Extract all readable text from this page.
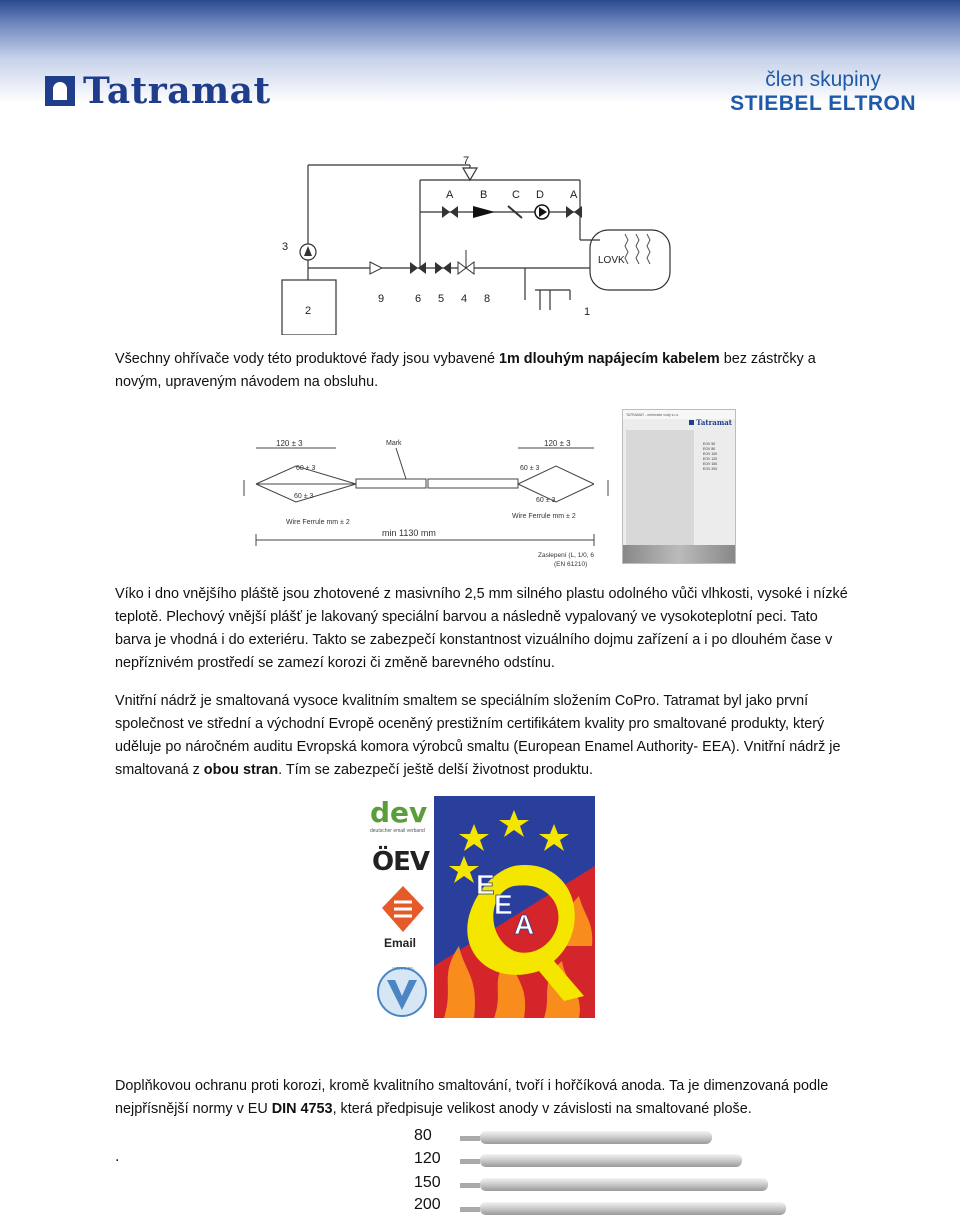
Tatramat	člen skupiny
STIEBEL ELTRON
7
A B C D A
3
LOVK
9	6 5 4 8
1
2
Všechny ohřívače vody této produktové řady jsou vybavené 1m dlouhým napájecím kabelem bez zástrčky a novým, upraveným návodem na obsluhu.
120 ± 3	120 ± 3
Mark
60 ± 3
60 ± 3
60 ± 3
60 ± 3
Wire Ferrule mm ± 2
Wire Ferrule mm ± 2
min 1130 mm
Zaslepení (L, 1/0, 6
(EN 61210)
TATRAMAT - ohrievače vody s.r.o.
Tatramat
EOV 50
EOV 80
EOV 100
EOV 120
EOV 150
EOV 200
Víko i dno vnějšího pláště jsou zhotovené z masivního 2,5 mm silného plastu odolného vůči vlhkosti, vysoké i nízké teplotě. Plechový vnější plášť je lakovaný speciální barvou a následně vypalovaný ve vysokoteplotní peci. Tato barva je vhodná i do exteriéru. Takto se zabezpečí konstantnost vizuálního dojmu zařízení a i po dlouhém čase v nepříznivém prostředí se zamezí korozi či změně barevného odstínu.
Vnitřní nádrž je smaltovaná vysoce kvalitním smaltem se speciálním složením CoPro. Tatramat byl jako první společnost ve střední a východní Evropě oceněný prestižním certifikátem kvality pro smaltované produkty, který uděluje po náročném auditu Evropská komora výrobců smaltu (European Enamel Authority- EEA). Vnitřní nádrž je smaltovaná z obou stran. Tím se zabezpečí ještě delší životnost produktu.
dev
deutscher email verband
ÖEV
Email
VITRAMEL
E
E
A
Doplňkovou ochranu proti korozi, kromě kvalitního smaltování, tvoří i hořčíková anoda. Ta je dimenzovaná podle nejpřísnější normy v EU DIN 4753, která předpisuje velikost anody v závislosti na smaltované ploše.
.
80
120
150
200
